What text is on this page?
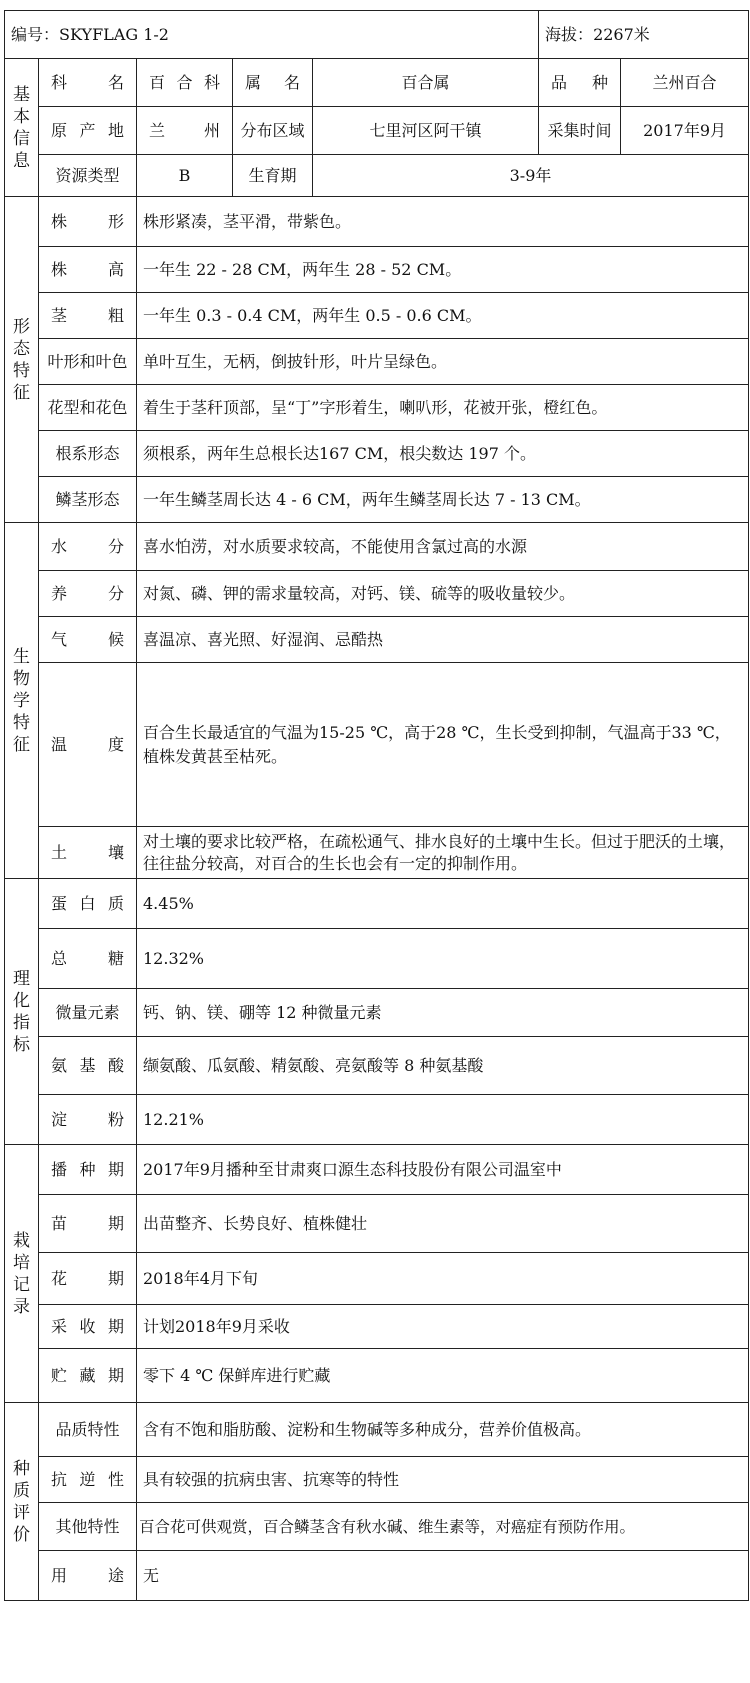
编号：SKYFLAG 1-2					海拔：2267米	
基本信息	科　名	百合科	属　名	百合属	品　种	兰州百合
	原产地	兰　州	分布区域	七里河区阿干镇	采集时间	2017年9月
	资源类型	B	生育期	3-9年		
形态特征	株　形	株形紧凑，茎平滑，带紫色。				
	株　高	一年生 22 - 28 CM，两年生 28 - 52 CM。				
	茎　粗	一年生 0.3 - 0.4 CM，两年生 0.5 - 0.6 CM。				
	叶形和叶色	单叶互生，无柄，倒披针形，叶片呈绿色。				
	花型和花色	着生于茎秆顶部，呈“丁”字形着生，喇叭形，花被开张，橙红色。				
	根系形态	须根系，两年生总根长达167 CM，根尖数达 197 个。				
	鳞茎形态	一年生鳞茎周长达 4 - 6 CM，两年生鳞茎周长达 7 - 13 CM。				
生物学特征	水　分	喜水怕涝，对水质要求较高，不能使用含氯过高的水源				
	养　分	对氮、磷、钾的需求量较高，对钙、镁、硫等的吸收量较少。				
	气　候	喜温凉、喜光照、好湿润、忌酷热				
	温　度	百合生长最适宜的气温为15-25 ℃，高于28 ℃，生长受到抑制，气温高于33 ℃，植株发黄甚至枯死。				
	土　壤	对土壤的要求比较严格，在疏松通气、排水良好的土壤中生长。但过于肥沃的土壤，往往盐分较高，对百合的生长也会有一定的抑制作用。				
理化指标	蛋白质	4.45%				
	总　糖	12.32%				
	微量元素	钙、钠、镁、硼等 12 种微量元素				
	氨基酸	缬氨酸、瓜氨酸、精氨酸、亮氨酸等 8 种氨基酸				
	淀　粉	12.21%				
栽培记录	播种期	2017年9月播种至甘肃爽口源生态科技股份有限公司温室中				
	苗　期	出苗整齐、长势良好、植株健壮				
	花　期	2018年4月下旬				
	采收期	计划2018年9月采收				
	贮藏期	零下 4 ℃ 保鲜库进行贮藏				
种质评价	品质特性	含有不饱和脂肪酸、淀粉和生物碱等多种成分，营养价值极高。				
	抗逆性	具有较强的抗病虫害、抗寒等的特性				
	其他特性	百合花可供观赏，百合鳞茎含有秋水碱、维生素等，对癌症有预防作用。				
	用　途	无				
